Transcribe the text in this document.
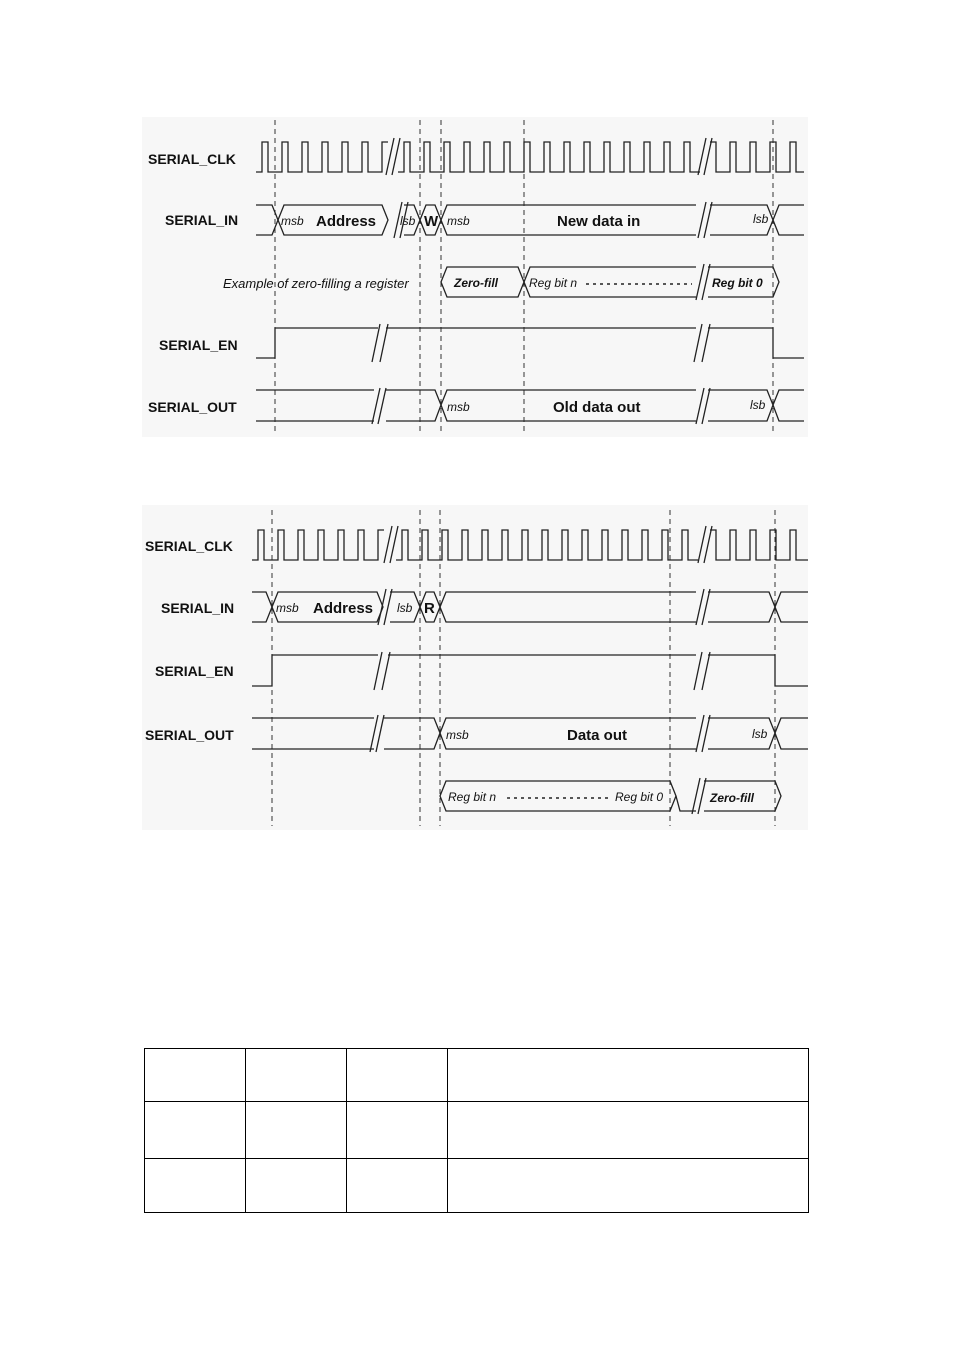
SERIAL_CLK
SERIAL_IN
SERIAL_EN
SERIAL_OUT
msb Address lsb W msb	New data in	lsb
Example of zero-filling a register	Zero-fill	Reg bit n	Reg bit 0
msb	Old data out	lsb
SERIAL_CLK
SERIAL_IN
SERIAL_EN
SERIAL_OUT
msb Address lsb R
msb	Data out	lsb
Reg bit n	Reg bit 0	Zero-fill
